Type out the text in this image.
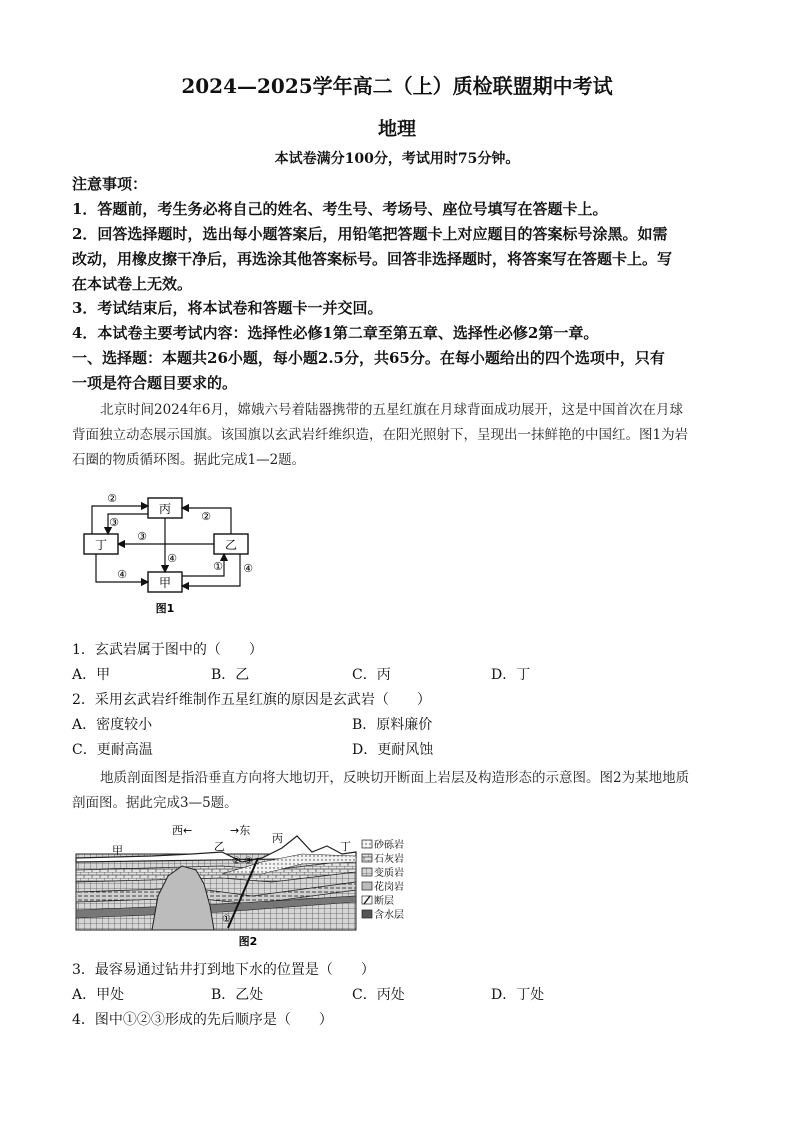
2024—2025学年高二（上）质检联盟期中考试
地理
本试卷满分100分，考试用时75分钟。
注意事项：
1．答题前，考生务必将自己的姓名、考生号、考场号、座位号填写在答题卡上。
2．回答选择题时，选出每小题答案后，用铅笔把答题卡上对应题目的答案标号涂黑。如需
改动，用橡皮擦干净后，再选涂其他答案标号。回答非选择题时，将答案写在答题卡上。写
在本试卷上无效。
3．考试结束后，将本试卷和答题卡一并交回。
4．本试卷主要考试内容：选择性必修1第二章至第五章、选择性必修2第一章。
一、选择题：本题共26小题，每小题2.5分，共65分。在每小题给出的四个选项中，只有
一项是符合题目要求的。
北京时间2024年6月，嫦娥六号着陆器携带的五星红旗在月球背面成功展开，这是中国首次在月球
背面独立动态展示国旗。该国旗以玄武岩纤维织造，在阳光照射下，呈现出一抹鲜艳的中国红。图1为岩
石圈的物质循环图。据此完成1—2题。
丙
丁	乙
甲
②
③	②
③
④
④
① ④
图1
1．玄武岩属于图中的（　　）
A．甲	B．乙	C．丙	D．丁
2．采用玄武岩纤维制作五星红旗的原因是玄武岩（　　）
A．密度较小	B．原料廉价
C．更耐高温	D．更耐风蚀
地质剖面图是指沿垂直方向将大地切开，反映切开断面上岩层及构造形态的示意图。图2为某地地质
剖面图。据此完成3—5题。
西←	→东
甲	乙
丙
丁
①
② ③
砂砾岩
石灰岩
变质岩
花岗岩
断层
含水层
图2
3．最容易通过钻井打到地下水的位置是（　　）
A．甲处	B．乙处	C．丙处	D．丁处
4．图中①②③形成的先后顺序是（　　）
